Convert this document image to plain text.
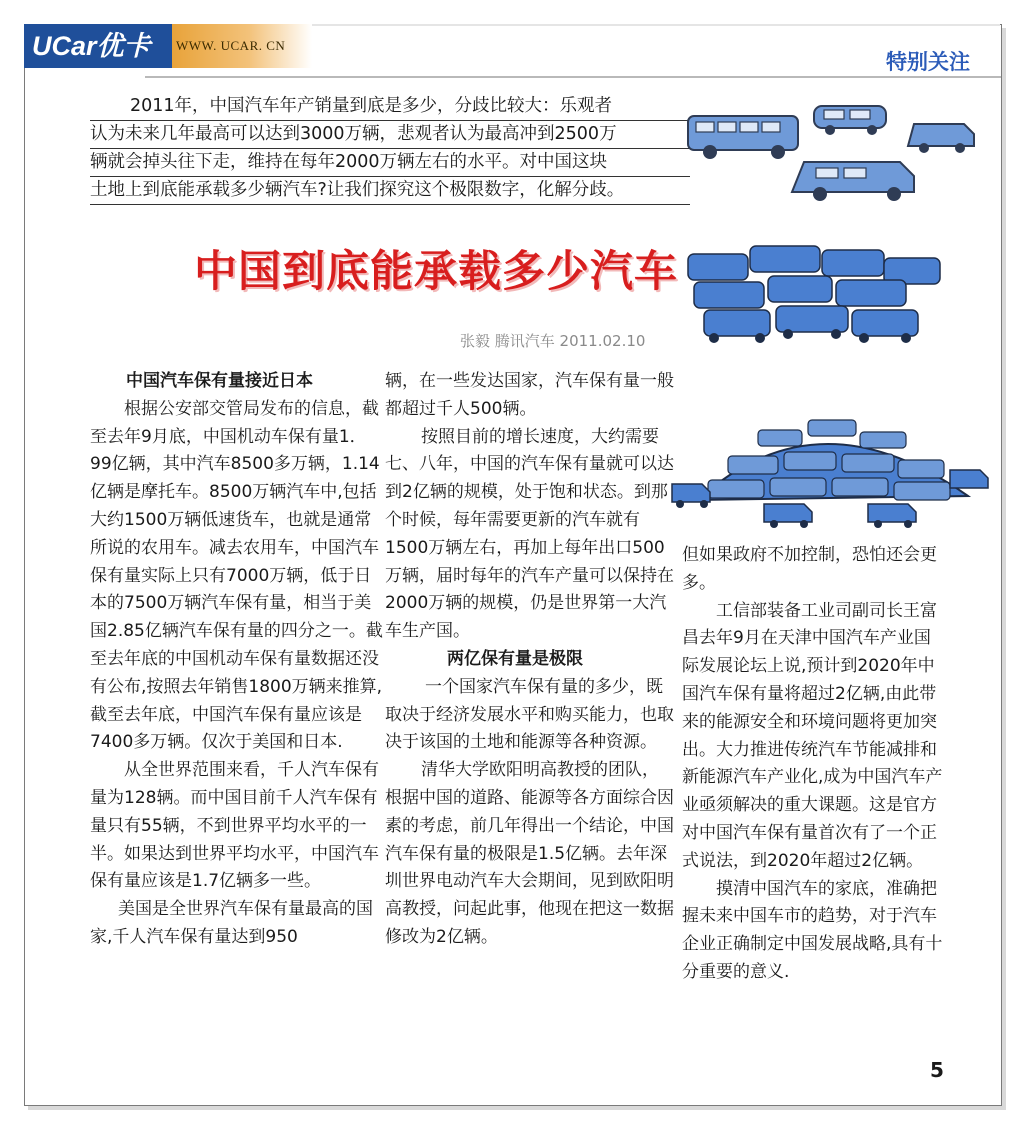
UCar优卡	WWW. UCAR. CN
特别关注
2011年，中国汽车年产销量到底是多少，分歧比较大：乐观者
认为未来几年最高可以达到3000万辆，悲观者认为最高冲到2500万
辆就会掉头往下走，维持在每年2000万辆左右的水平。对中国这块
土地上到底能承载多少辆汽车?让我们探究这个极限数字，化解分歧。
中国到底能承载多少汽车
张毅 腾讯汽车 2011.02.10

中国汽车保有量接近日本

根据公安部交管局发布的信息，截至去年9月底，中国机动车保有量1．99亿辆，其中汽车8500多万辆，1.14亿辆是摩托车。8500万辆汽车中,包括大约1500万辆低速货车，也就是通常所说的农用车。减去农用车，中国汽车保有量实际上只有7000万辆，低于日本的7500万辆汽车保有量，相当于美国2.85亿辆汽车保有量的四分之一。截至去年底的中国机动车保有量数据还没有公布,按照去年销售1800万辆来推算,截至去年底，中国汽车保有量应该是7400多万辆。仅次于美国和日本.

从全世界范围来看，千人汽车保有量为128辆。而中国目前千人汽车保有量只有55辆，不到世界平均水平的一半。如果达到世界平均水平，中国汽车保有量应该是1.7亿辆多一些。

美国是全世界汽车保有量最高的国家,千人汽车保有量达到950

辆，在一些发达国家，汽车保有量一般都超过千人500辆。

按照目前的增长速度，大约需要七、八年，中国的汽车保有量就可以达到2亿辆的规模，处于饱和状态。到那个时候，每年需要更新的汽车就有1500万辆左右，再加上每年出口500万辆，届时每年的汽车产量可以保持在2000万辆的规模，仍是世界第一大汽车生产国。

两亿保有量是极限

一个国家汽车保有量的多少，既取决于经济发展水平和购买能力，也取决于该国的土地和能源等各种资源。

清华大学欧阳明高教授的团队，根据中国的道路、能源等各方面综合因素的考虑，前几年得出一个结论，中国汽车保有量的极限是1.5亿辆。去年深圳世界电动汽车大会期间，见到欧阳明高教授，问起此事，他现在把这一数据修改为2亿辆。

但如果政府不加控制，恐怕还会更多。

工信部装备工业司副司长王富昌去年9月在天津中国汽车产业国际发展论坛上说,预计到2020年中国汽车保有量将超过2亿辆,由此带来的能源安全和环境问题将更加突出。大力推进传统汽车节能减排和新能源汽车产业化,成为中国汽车产业亟须解决的重大课题。这是官方对中国汽车保有量首次有了一个正式说法，到2020年超过2亿辆。

摸清中国汽车的家底，准确把握未来中国车市的趋势，对于汽车企业正确制定中国发展战略,具有十分重要的意义.

5
